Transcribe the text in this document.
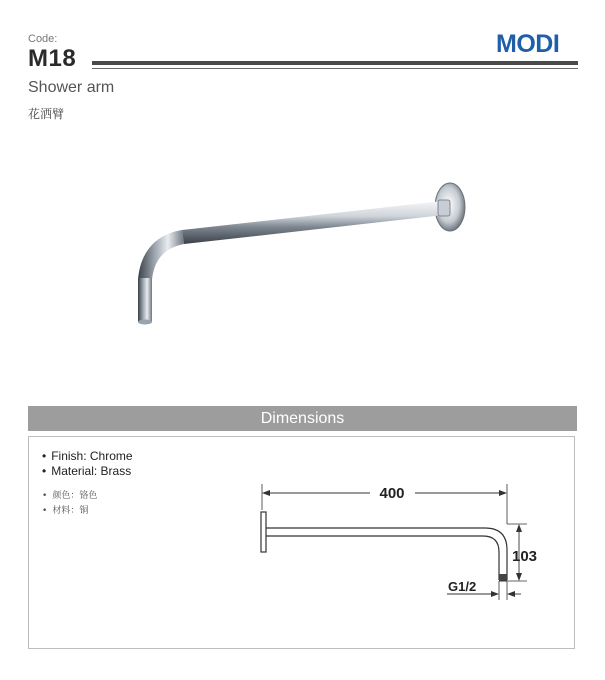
Code:
M18
MODI
Shower arm
花洒臂
Dimensions
• Finish: Chrome
• Material: Brass
• 颜色：铬色
• 材料：铜
400
103
G1/2
